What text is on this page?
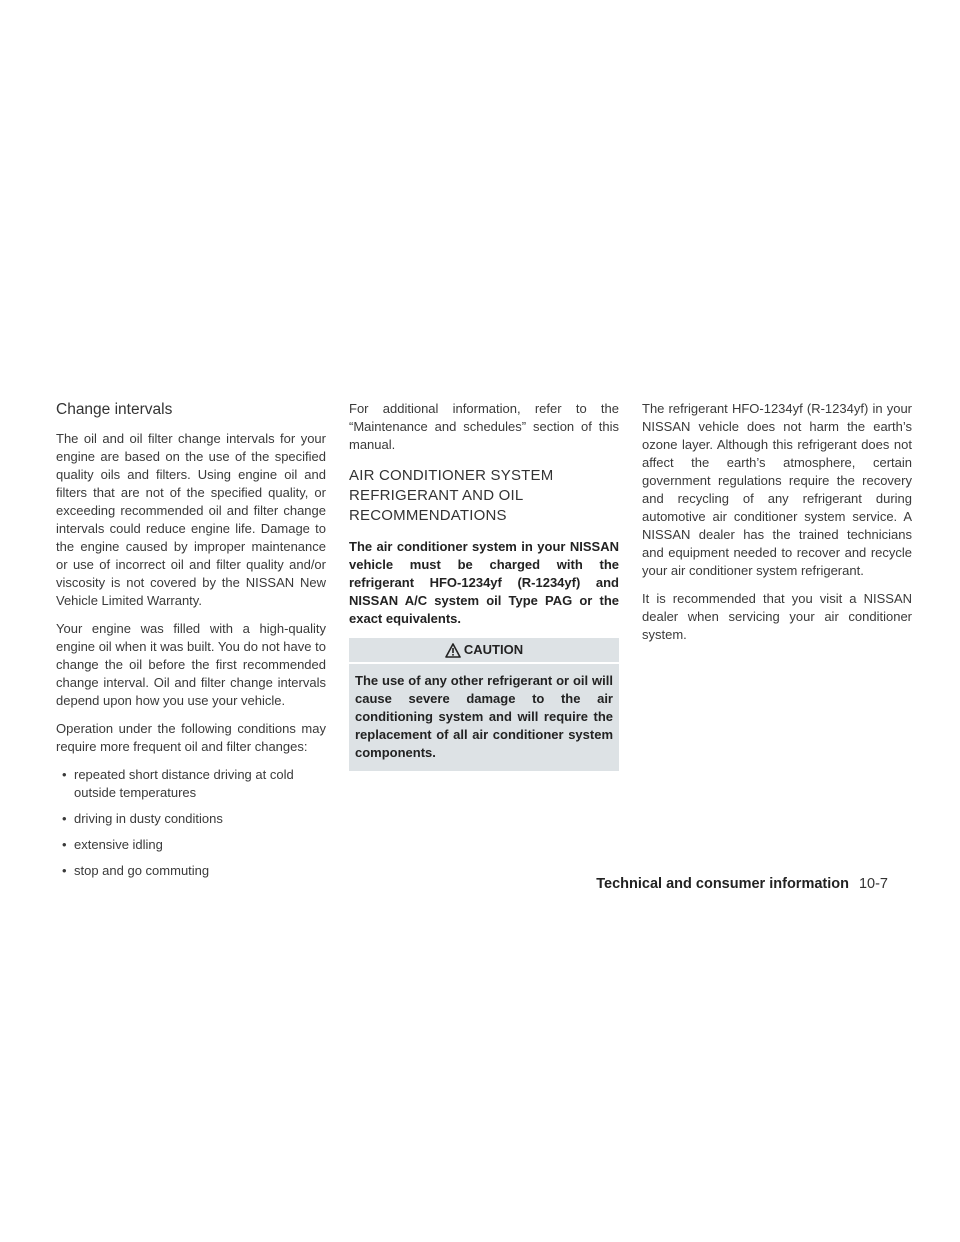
Change intervals

The oil and oil filter change intervals for your engine are based on the use of the specified quality oils and filters. Using engine oil and filters that are not of the specified quality, or exceeding recommended oil and filter change intervals could reduce engine life. Damage to the engine caused by improper maintenance or use of incorrect oil and filter quality and/or viscosity is not covered by the NISSAN New Vehicle Limited Warranty.

Your engine was filled with a high-quality engine oil when it was built. You do not have to change the oil before the first recommended change interval. Oil and filter change intervals depend upon how you use your vehicle.

Operation under the following conditions may require more frequent oil and filter changes:

• repeated short distance driving at cold outside temperatures
• driving in dusty conditions
• extensive idling
• stop and go commuting

For additional information, refer to the “Maintenance and schedules” section of this manual.

AIR CONDITIONER SYSTEM REFRIGERANT AND OIL RECOMMENDATIONS

The air conditioner system in your NISSAN vehicle must be charged with the refrigerant HFO-1234yf (R-1234yf) and NISSAN A/C system oil Type PAG or the exact equivalents.

CAUTION
The use of any other refrigerant or oil will cause severe damage to the air conditioning system and will require the replacement of all air conditioner system components.

The refrigerant HFO-1234yf (R-1234yf) in your NISSAN vehicle does not harm the earth’s ozone layer. Although this refrigerant does not affect the earth’s atmosphere, certain government regulations require the recovery and recycling of any refrigerant during automotive air conditioner system service. A NISSAN dealer has the trained technicians and equipment needed to recover and recycle your air conditioner system refrigerant.

It is recommended that you visit a NISSAN dealer when servicing your air conditioner system.

Technical and consumer information 10-7
